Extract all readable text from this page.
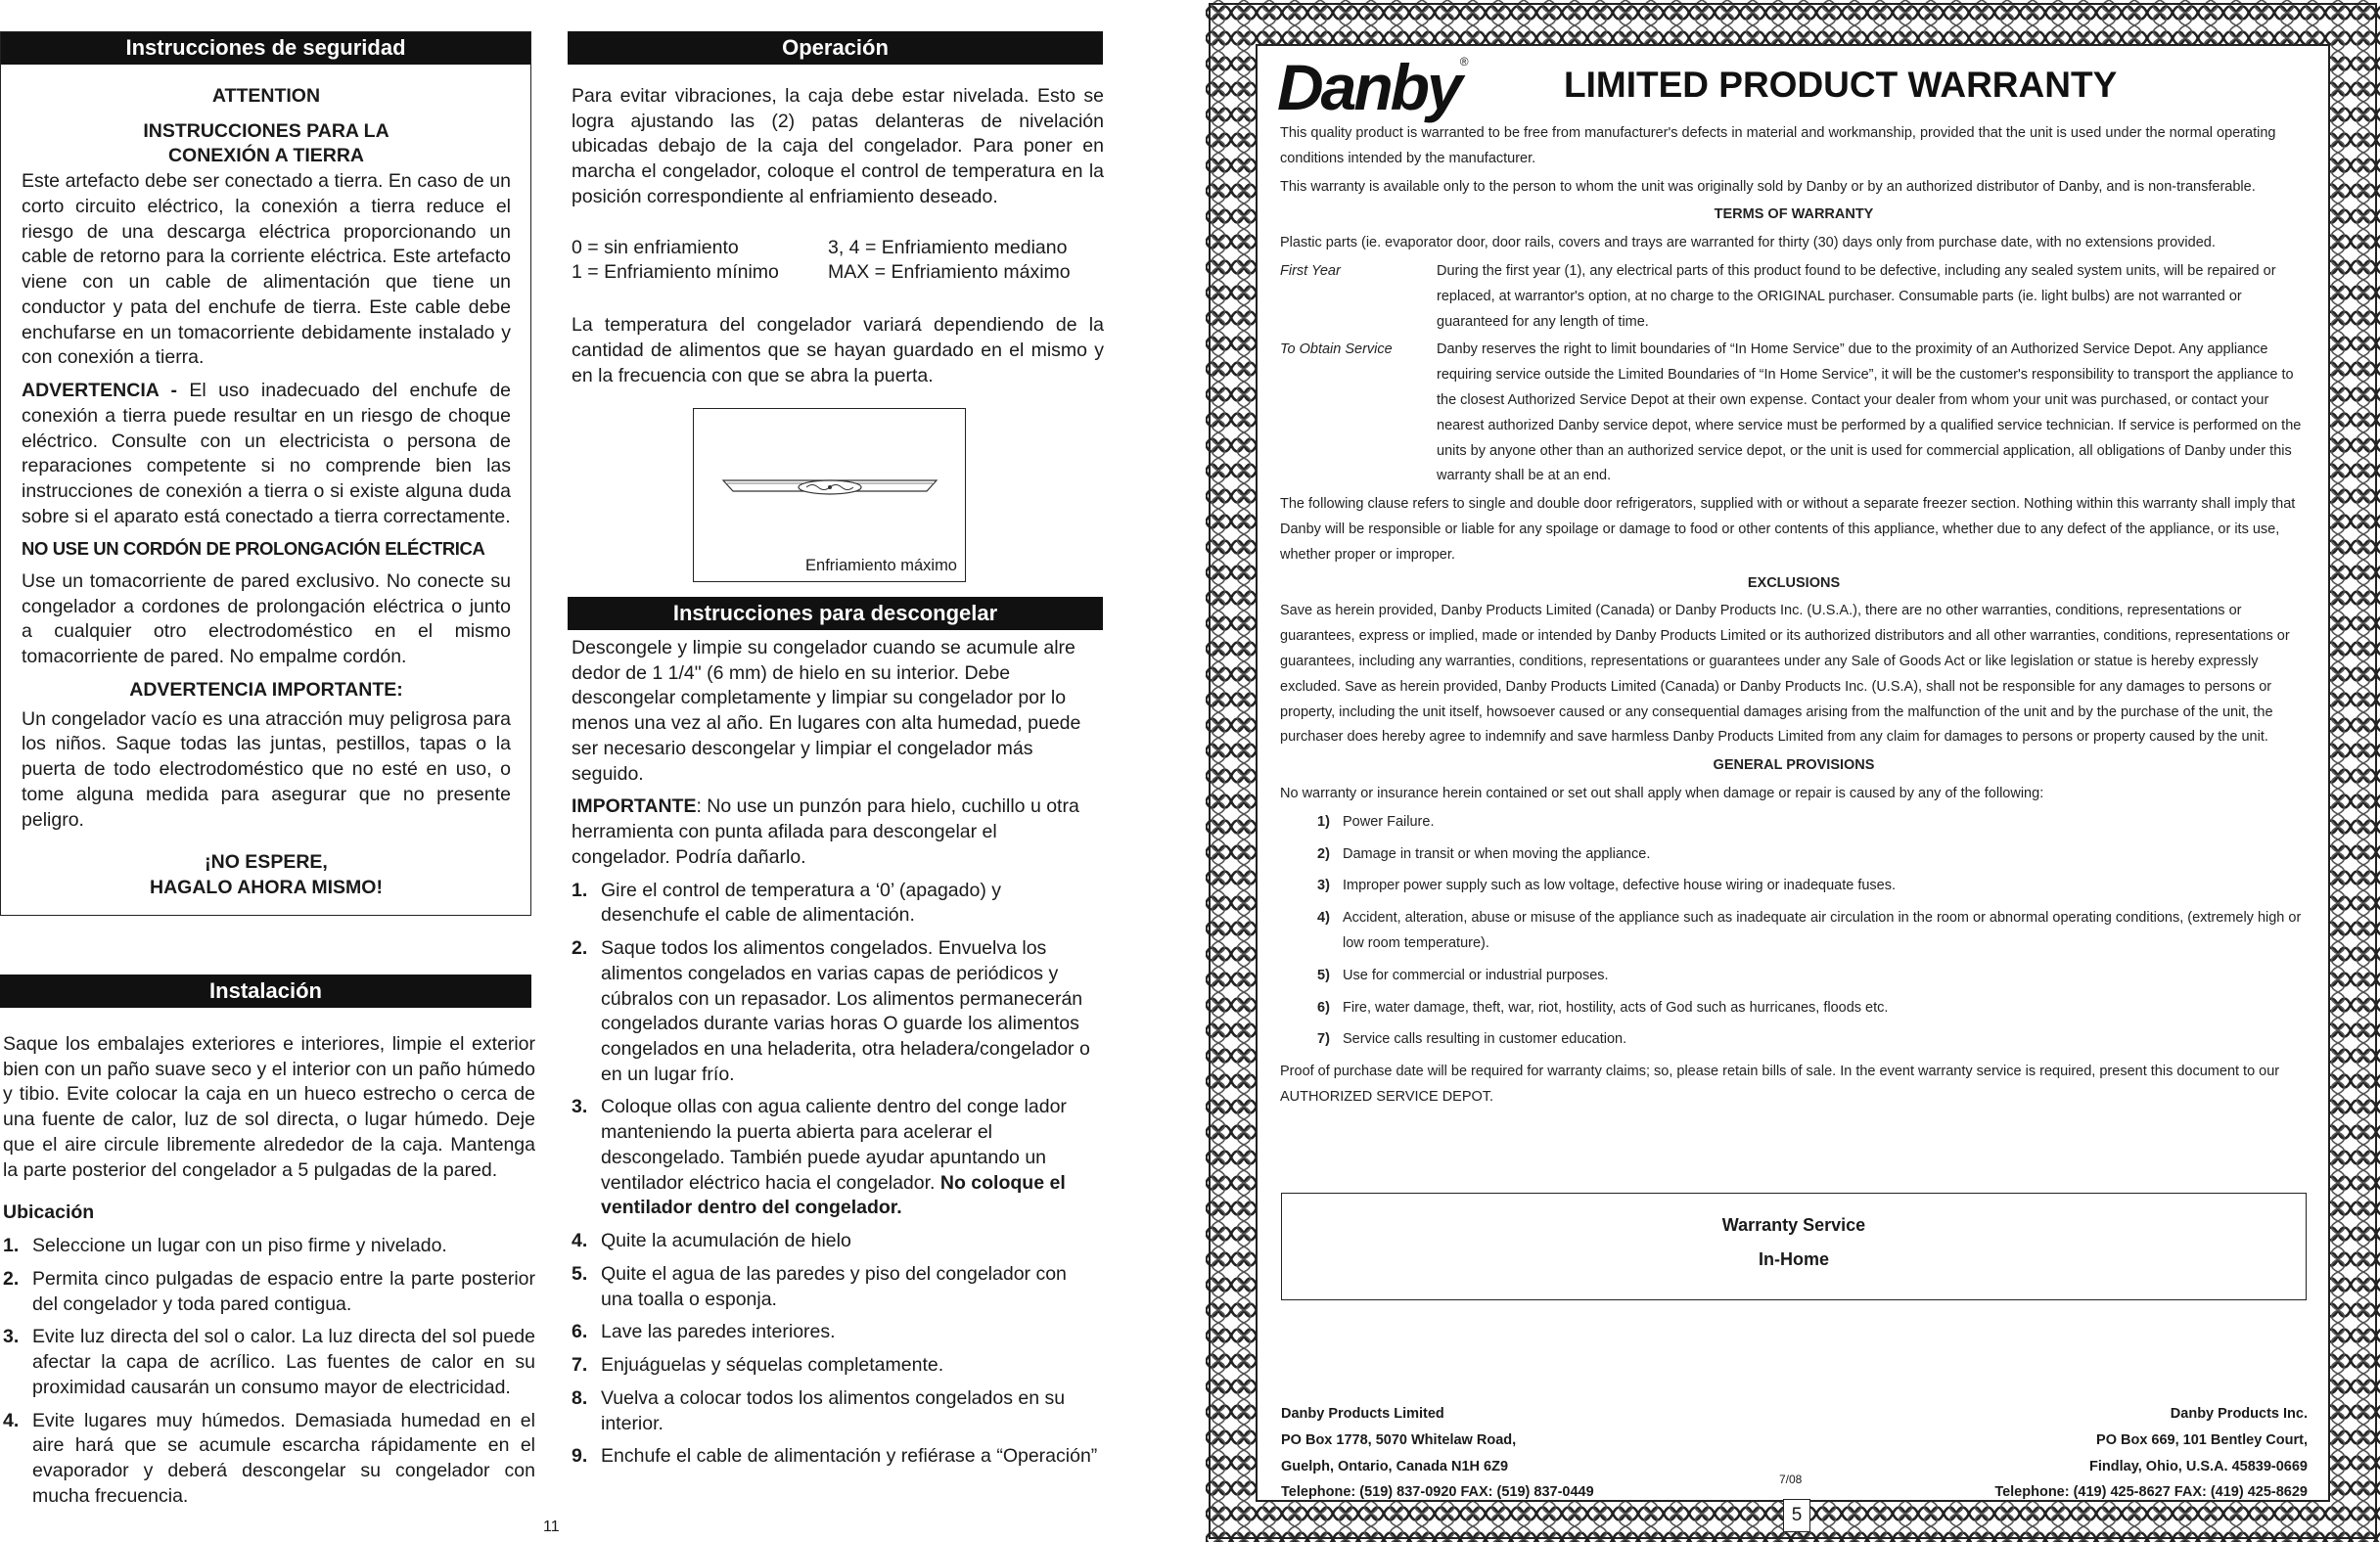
Instrucciones de seguridad

ATTENTION

INSTRUCCIONES PARA LA
CONEXIÓN A TIERRA

Este artefacto debe ser conectado a tierra. En caso de un corto circuito eléctrico, la conexión a tierra reduce el riesgo de una descarga eléctrica proporcionando un cable de retorno para la corriente eléctrica. Este artefacto viene con un cable de alimentación que tiene un conductor y pata del enchufe de tierra. Este cable debe enchufarse en un tomacorriente debidamente instalado y con conexión a tierra.

ADVERTENCIA - El uso inadecuado del enchufe de conexión a tierra puede resultar en un riesgo de choque eléctrico. Consulte con un electricista o persona de reparaciones competente si no comprende bien las instrucciones de conexión a tierra o si existe alguna duda sobre si el aparato está conectado a tierra correctamente.

NO USE UN CORDÓN DE PROLONGACIÓN ELÉCTRICA

Use un tomacorriente de pared exclusivo. No conecte su congelador a cordones de prolongación eléctrica o junto a cualquier otro electrodoméstico en el mismo tomacorriente de pared. No empalme cordón.

ADVERTENCIA IMPORTANTE:

Un congelador vacío es una atracción muy peligrosa para los niños. Saque todas las juntas, pestillos, tapas o la puerta de todo electrodoméstico que no esté en uso, o tome alguna medida para asegurar que no presente peligro.

¡NO ESPERE,
HAGALO AHORA MISMO!
Instalación

Saque los embalajes exteriores e interiores, limpie el exterior bien con un paño suave seco y el interior con un paño húmedo y tibio. Evite colocar la caja en un hueco estrecho o cerca de una fuente de calor, luz de sol directa, o lugar húmedo. Deje que el aire circule libremente alrededor de la caja. Mantenga la parte posterior del congelador a 5 pulgadas de la pared.

Ubicación

1. Seleccione un lugar con un piso firme y nivelado.
2. Permita cinco pulgadas de espacio entre la parte posterior del congelador y toda pared contigua.
3. Evite luz directa del sol o calor. La luz directa del sol puede afectar la capa de acrílico. Las fuentes de calor en su proximidad causarán un consumo mayor de electricidad.
4. Evite lugares muy húmedos. Demasiada humedad en el aire hará que se acumule escarcha rápidamente en el evaporador y deberá descongelar su congelador con mucha frecuencia.
Operación

Para evitar vibraciones, la caja debe estar nivelada. Esto se logra ajustando las (2) patas delanteras de nivelación ubicadas debajo de la caja del congelador. Para poner en marcha el congelador, coloque el control de temperatura en la posición correspondiente al enfriamiento deseado.

0 = sin enfriamiento	3, 4 = Enfriamiento mediano
1 = Enfriamiento mínimo	MAX = Enfriamiento máximo

La temperatura del congelador variará dependiendo de la cantidad de alimentos que se hayan guardado en el mismo y en la frecuencia con que se abra la puerta.

Enfriamiento máximo
Instrucciones para descongelar

Descongele y limpie su congelador cuando se acumule alre dedor de 1 1/4" (6 mm) de hielo en su interior. Debe descongelar completamente y limpiar su congelador por lo menos una vez al año. En lugares con alta humedad, puede ser necesario descongelar y limpiar el congelador más seguido.

IMPORTANTE: No use un punzón para hielo, cuchillo u otra herramienta con punta afilada para descongelar el congelador. Podría dañarlo.

1. Gire el control de temperatura a ‘0’ (apagado) y desenchufe el cable de alimentación.
2. Saque todos los alimentos congelados. Envuelva los alimentos congelados en varias capas de periódicos y cúbralos con un repasador. Los alimentos permanecerán congelados durante varias horas O guarde los alimentos congelados en una heladerita, otra heladera/congelador o en un lugar frío.
3. Coloque ollas con agua caliente dentro del conge lador manteniendo la puerta abierta para acelerar el descongelado. También puede ayudar apuntando un ventilador eléctrico hacia el congelador. No coloque el ventilador dentro del congelador.
4. Quite la acumulación de hielo
5. Quite el agua de las paredes y piso del congelador con una toalla o esponja.
6. Lave las paredes interiores.
7. Enjuáguelas y séquelas completamente.
8. Vuelva a colocar todos los alimentos congelados en su interior.
9. Enchufe el cable de alimentación y refiérase a “Operación”
11
Danby®
LIMITED PRODUCT WARRANTY

This quality product is warranted to be free from manufacturer's defects in material and workmanship, provided that the unit is used under the normal operating conditions intended by the manufacturer.

This warranty is available only to the person to whom the unit was originally sold by Danby or by an authorized distributor of Danby, and is non-transferable.

TERMS OF WARRANTY

Plastic parts (ie. evaporator door, door rails, covers and trays are warranted for thirty (30) days only from purchase date, with no extensions provided.

First Year	During the first year (1), any electrical parts of this product found to be defective, including any sealed system units, will be repaired or replaced, at warrantor's option, at no charge to the ORIGINAL purchaser. Consumable parts (ie. light bulbs) are not warranted or guaranteed for any length of time.
To Obtain Service	Danby reserves the right to limit boundaries of “In Home Service” due to the proximity of an Authorized Service Depot. Any appliance requiring service outside the Limited Boundaries of “In Home Service”, it will be the customer's responsibility to transport the appliance to the closest Authorized Service Depot at their own expense. Contact your dealer from whom your unit was purchased, or contact your nearest authorized Danby service depot, where service must be performed by a qualified service technician. If service is performed on the units by anyone other than an authorized service depot, or the unit is used for commercial application, all obligations of Danby under this warranty shall be at an end.

The following clause refers to single and double door refrigerators, supplied with or without a separate freezer section. Nothing within this warranty shall imply that Danby will be responsible or liable for any spoilage or damage to food or other contents of this appliance, whether due to any defect of the appliance, or its use, whether proper or improper.

EXCLUSIONS

Save as herein provided, Danby Products Limited (Canada) or Danby Products Inc. (U.S.A.), there are no other warranties, conditions, representations or guarantees, express or implied, made or intended by Danby Products Limited or its authorized distributors and all other warranties, conditions, representations or guarantees, including any warranties, conditions, representations or guarantees under any Sale of Goods Act or like legislation or statue is hereby expressly excluded. Save as herein provided, Danby Products Limited (Canada) or Danby Products Inc. (U.S.A), shall not be responsible for any damages to persons or property, including the unit itself, howsoever caused or any consequential damages arising from the malfunction of the unit and by the purchase of the unit, the purchaser does hereby agree to indemnify and save harmless Danby Products Limited from any claim for damages to persons or property caused by the unit.

GENERAL PROVISIONS

No warranty or insurance herein contained or set out shall apply when damage or repair is caused by any of the following:

1) Power Failure.
2) Damage in transit or when moving the appliance.
3) Improper power supply such as low voltage, defective house wiring or inadequate fuses.
4) Accident, alteration, abuse or misuse of the appliance such as inadequate air circulation in the room or abnormal operating conditions, (extremely high or low room temperature).
5) Use for commercial or industrial purposes.
6) Fire, water damage, theft, war, riot, hostility, acts of God such as hurricanes, floods etc.
7) Service calls resulting in customer education.

Proof of purchase date will be required for warranty claims; so, please retain bills of sale. In the event warranty service is required, present this document to our AUTHORIZED SERVICE DEPOT.

Warranty Service
In-Home
Danby Products Limited
PO Box 1778, 5070 Whitelaw Road,
Guelph, Ontario, Canada N1H 6Z9
Telephone: (519) 837-0920 FAX: (519) 837-0449
Danby Products Inc.
PO Box 669, 101 Bentley Court,
Findlay, Ohio, U.S.A. 45839-0669
Telephone: (419) 425-8627 FAX: (419) 425-8629
7/08
5
